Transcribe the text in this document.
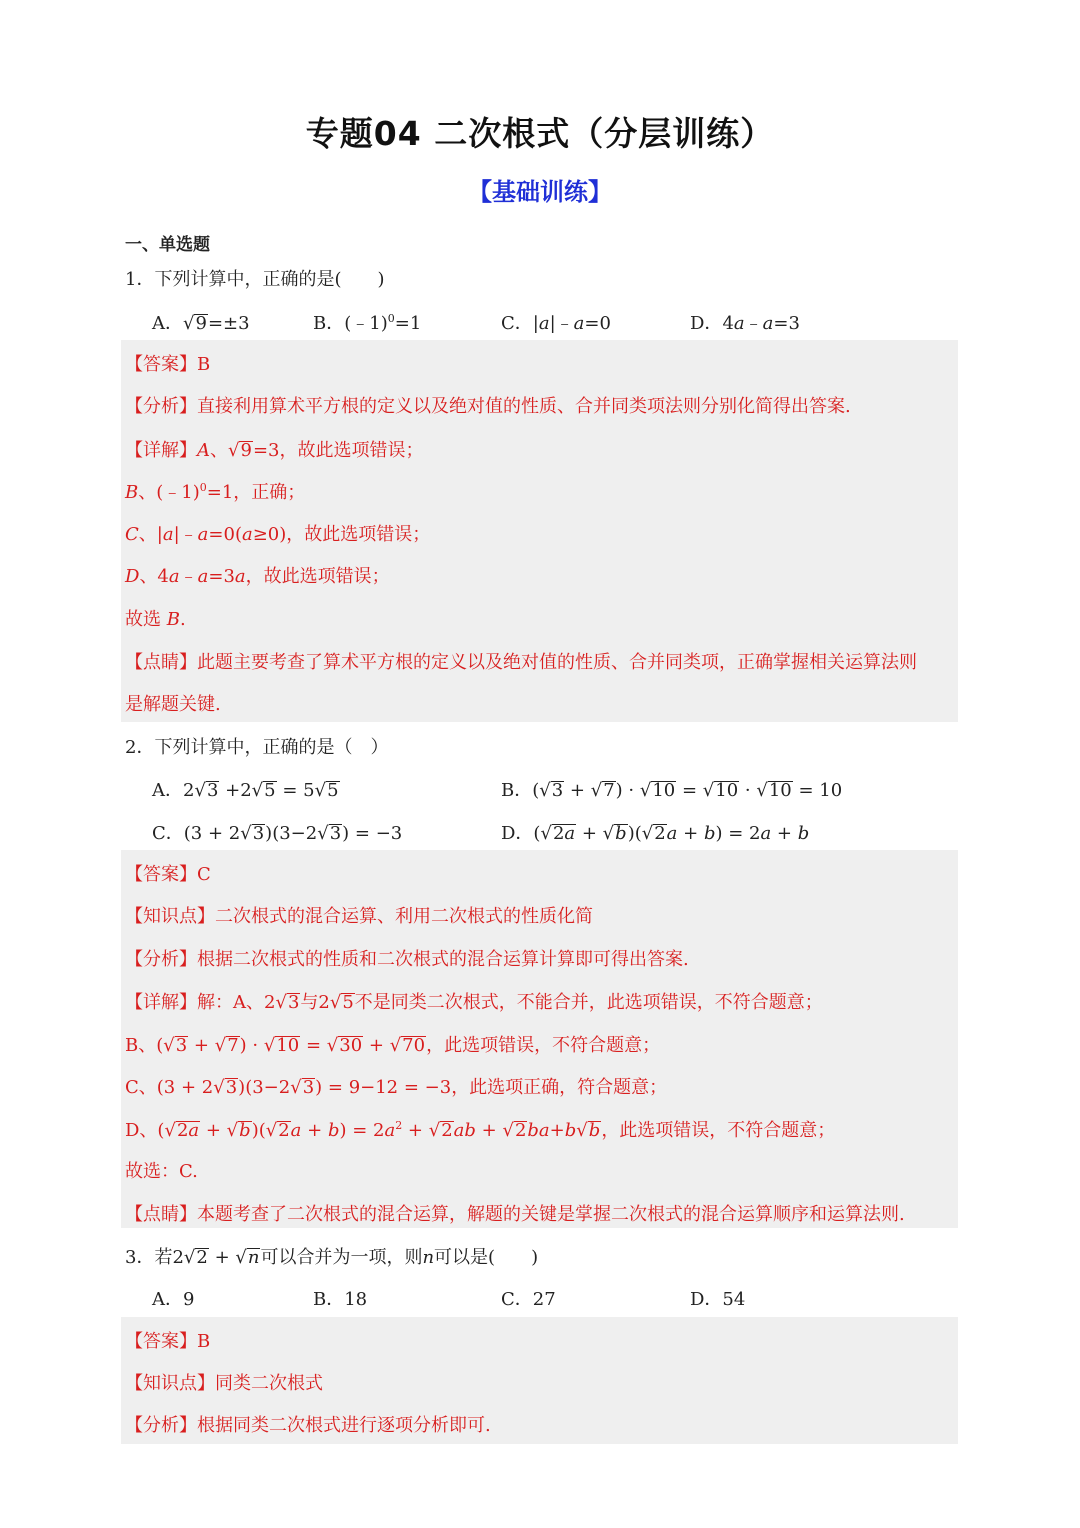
专题04 二次根式（分层训练）
【基础训练】
一、单选题
1．下列计算中，正确的是(　　)
A．√9=±3	B．(﹣1)$^0$=1	C．|a|﹣a=0	D．4a﹣a=3
【答案】B
【分析】直接利用算术平方根的定义以及绝对值的性质、合并同类项法则分别化简得出答案.
【详解】A、√9=3，故此选项错误；
B、(﹣1)$^0$=1，正确；
C、|a|﹣a=0(a≥0)，故此选项错误；
D、4a﹣a=3a，故此选项错误；
故选 B.
【点睛】此题主要考查了算术平方根的定义以及绝对值的性质、合并同类项，正确掌握相关运算法则
是解题关键.
2．下列计算中，正确的是（　）
A．2√3 +2√5 = 5√5	B．(√3 + √7) · √10 = √10 · √10 = 10
C．(3 + 2√3)(3−2√3) = −3	D．(√2a + √b)(√2a + b) = 2a + b
【答案】C
【知识点】二次根式的混合运算、利用二次根式的性质化简
【分析】根据二次根式的性质和二次根式的混合运算计算即可得出答案.
【详解】解：A、2√3与2√5不是同类二次根式，不能合并，此选项错误，不符合题意；
B、(√3 + √7) · √10 = √30 + √70，此选项错误，不符合题意；
C、(3 + 2√3)(3−2√3) = 9−12 = −3，此选项正确，符合题意；
D、$(√2a + √b)(√2a + b) = 2a^2 + √2ab + √2ba+b√b$，此选项错误，不符合题意；
故选：C.
【点睛】本题考查了二次根式的混合运算，解题的关键是掌握二次根式的混合运算顺序和运算法则.
3．若2√2 + √n可以合并为一项，则n可以是(　　)
A．9	B．18	C．27	D．54
【答案】B
【知识点】同类二次根式
【分析】根据同类二次根式进行逐项分析即可.
